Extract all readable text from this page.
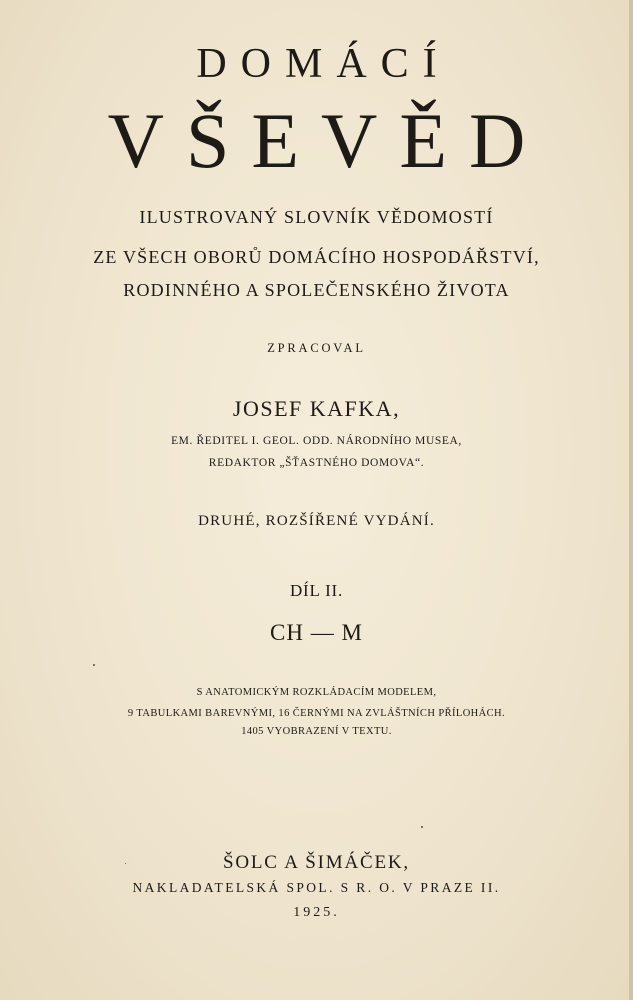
DOMÁCÍ
VŠEVĚD
ILUSTROVANÝ SLOVNÍK VĚDOMOSTÍ
ZE VŠECH OBORŮ DOMÁCÍHO HOSPODÁŘSTVÍ,
RODINNÉHO A SPOLEČENSKÉHO ŽIVOTA
ZPRACOVAL
JOSEF KAFKA,
EM. ŘEDITEL I. GEOL. ODD. NÁRODNÍHO MUSEA,
REDAKTOR „ŠŤASTNÉHO DOMOVA“.
DRUHÉ, ROZŠÍŘENÉ VYDÁNÍ.
DÍL II.
CH — M
S ANATOMICKÝM ROZKLÁDACÍM MODELEM,
9 TABULKAMI BAREVNÝMI, 16 ČERNÝMI NA ZVLÁŠTNÍCH PŘÍLOHÁCH.
1405 VYOBRAZENÍ V TEXTU.
ŠOLC A ŠIMÁČEK,
NAKLADATELSKÁ SPOL. S R. O. V PRAZE II.
1925.
